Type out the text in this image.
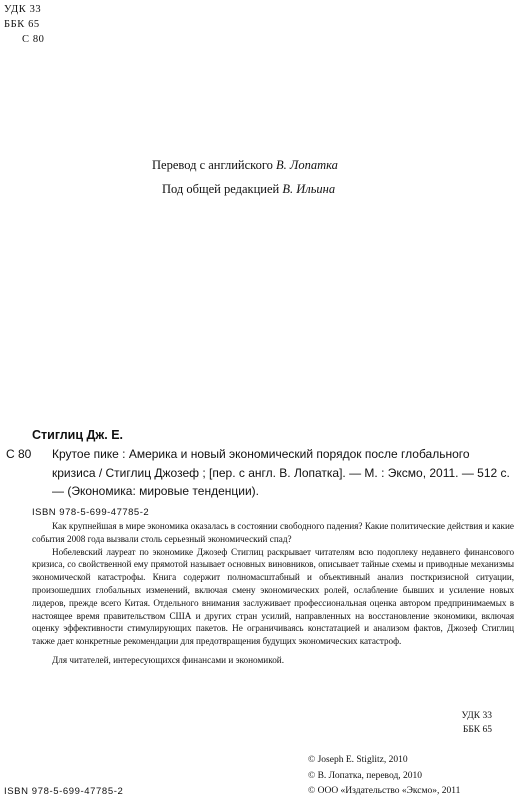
УДК 33
ББК 65
С 80
Перевод с английского В. Лопатка
Под общей редакцией В. Ильина
Стиглиц Дж. Е.
С 80 Крутое пике : Америка и новый экономический порядок после глобального кризиса / Стиглиц Джозеф ; [пер. с англ. В. Лопатка]. — М. : Эксмо, 2011. — 512 с. — (Экономика: мировые тенденции).
ISBN 978-5-699-47785-2

Как крупнейшая в мире экономика оказалась в состоянии свободного падения? Какие политические действия и какие события 2008 года вызвали столь серьезный экономический спад?

Нобелевский лауреат по экономике Джозеф Стиглиц раскрывает читателям всю подоплеку недавнего финансового кризиса, со свойственной ему прямотой называет основных виновников, описывает тайные схемы и приводные механизмы экономической катастрофы. Книга содержит полномасштабный и объективный анализ посткризисной ситуации, произошедших глобальных изменений, включая смену экономических ролей, ослабление бывших и усиление новых лидеров, прежде всего Китая. Отдельного внимания заслуживает профессиональная оценка автором предпринимаемых в настоящее время правительством США и других стран усилий, направленных на восстановление экономики, включая оценку эффективности стимулирующих пакетов. Не ограничиваясь констатацией и анализом фактов, Джозеф Стиглиц также дает конкретные рекомендации для предотвращения будущих экономических катастроф.

Для читателей, интересующихся финансами и экономикой.

УДК 33
ББК 65
ISBN 978-5-699-47785-2
© Joseph E. Stiglitz, 2010
© В. Лопатка, перевод, 2010
© ООО «Издательство «Эксмо», 2011
